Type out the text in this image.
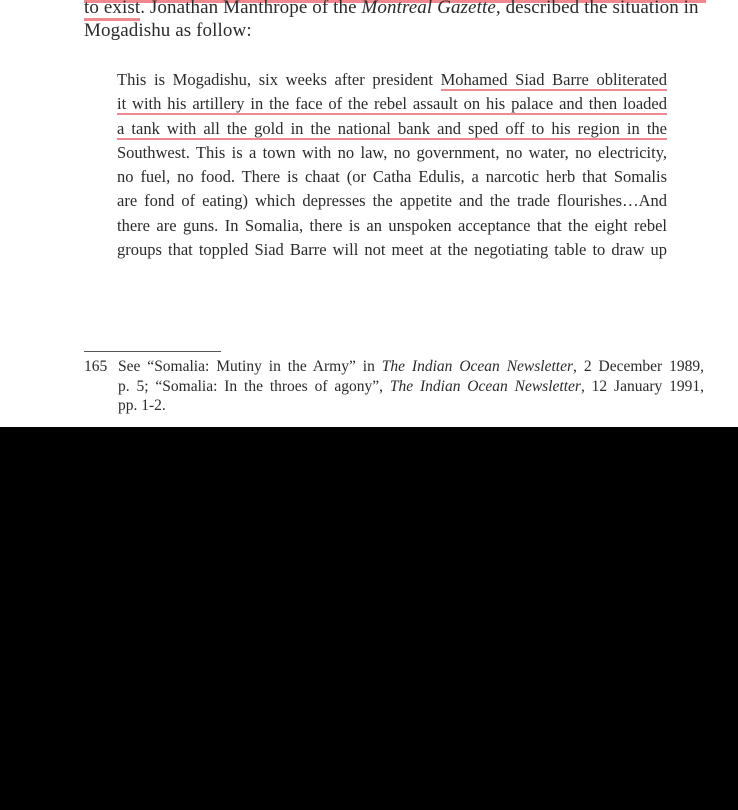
to exist. Jonathan Manthrope of the Montreal Gazette, described the situation in
Mogadishu as follow:
This is Mogadishu, six weeks after president Mohamed Siad Barre obliterated
it with his artillery in the face of the rebel assault on his palace and then loaded
a tank with all the gold in the national bank and sped off to his region in the
Southwest. This is a town with no law, no government, no water, no electricity,
no fuel, no food. There is chaat (or Catha Edulis, a narcotic herb that Somalis
are fond of eating) which depresses the appetite and the trade flourishes…And
there are guns. In Somalia, there is an unspoken acceptance that the eight rebel
groups that toppled Siad Barre will not meet at the negotiating table to draw up
165 See “Somalia: Mutiny in the Army” in The Indian Ocean Newsletter, 2 December 1989,
p. 5; “Somalia: In the throes of agony”, The Indian Ocean Newsletter, 12 January 1991,
pp. 1-2.
